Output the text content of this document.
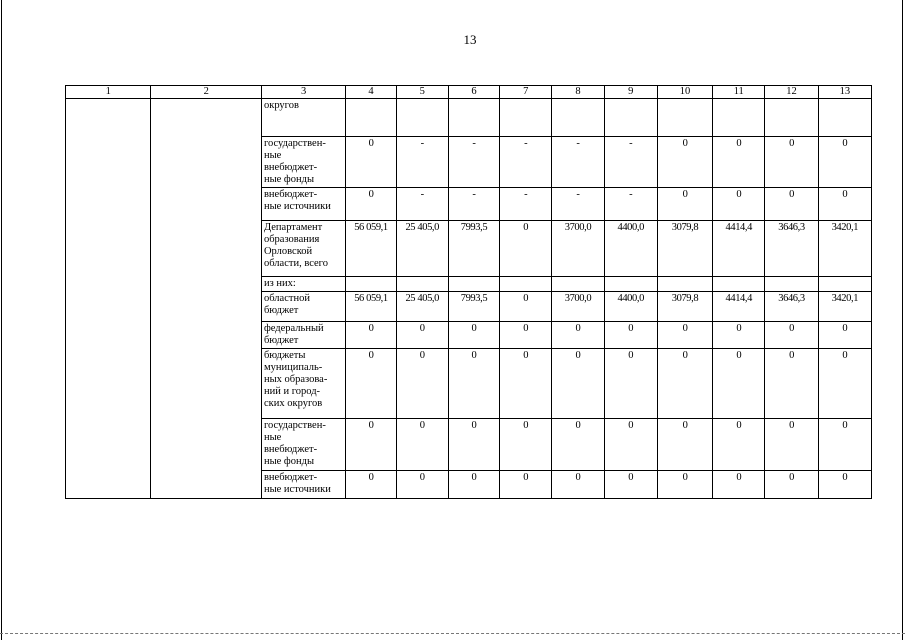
13
1	2	3	4	5	6	7	8	9	10	11	12	13

		округов										

		государствен-
ные
внебюджет-
ные фонды	0	-	-	-	-	-	0	0	0	0

		внебюджет-
ные источники	0	-	-	-	-	-	0	0	0	0

		Департамент
образования
Орловской
области, всего	56 059,1	25 405,0	7993,5	0	3700,0	4400,0	3079,8	4414,4	3646,3	3420,1

		из них:										

		областной
бюджет	56 059,1	25 405,0	7993,5	0	3700,0	4400,0	3079,8	4414,4	3646,3	3420,1

		федеральный
бюджет	0	0	0	0	0	0	0	0	0	0

		бюджеты
муниципаль-
ных образова-
ний и город-
ских округов	0	0	0	0	0	0	0	0	0	0

		государствен-
ные
внебюджет-
ные фонды	0	0	0	0	0	0	0	0	0	0

		внебюджет-
ные источники	0	0	0	0	0	0	0	0	0	0
